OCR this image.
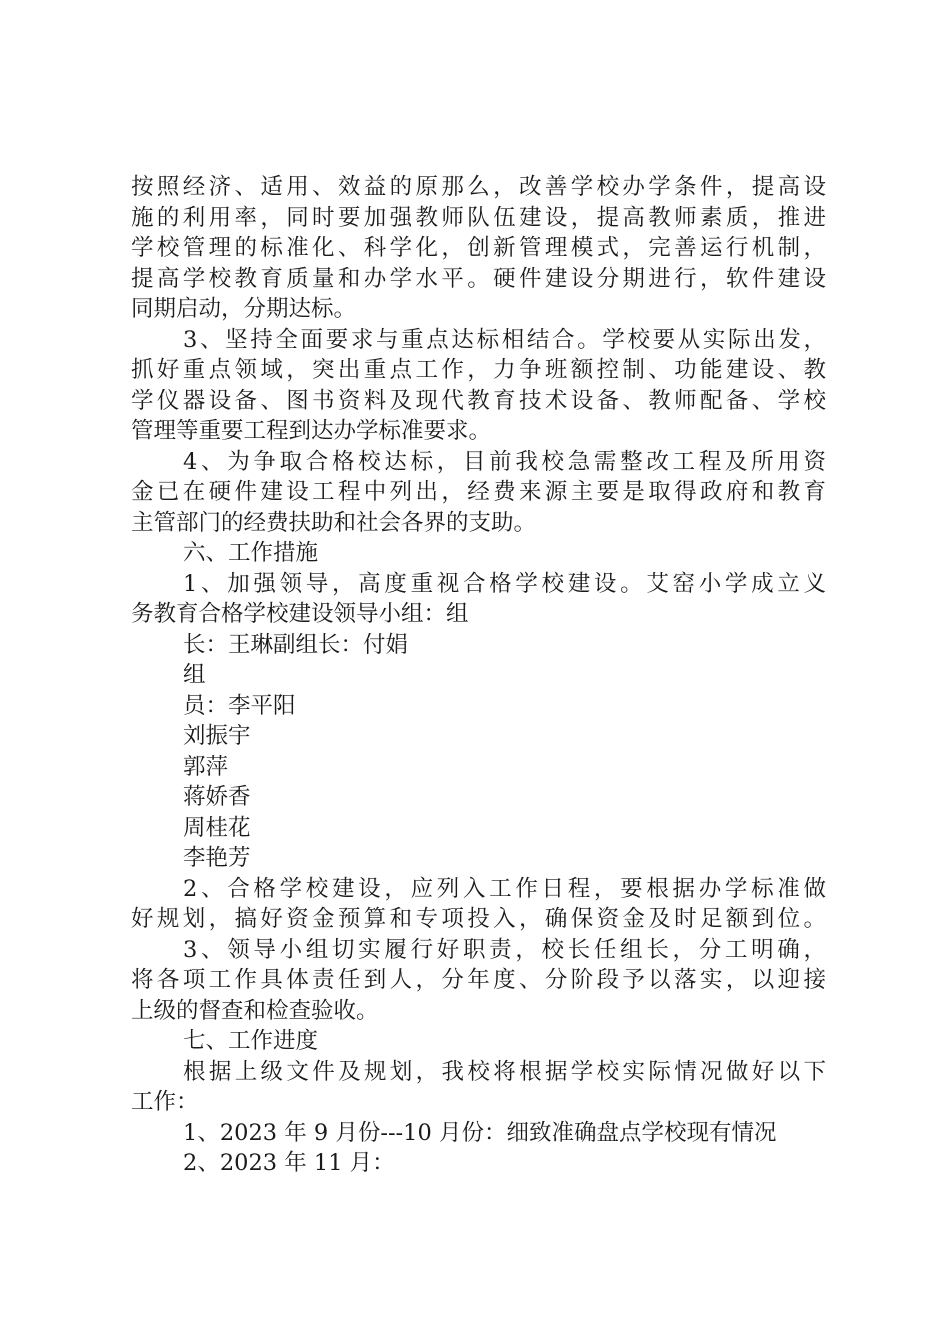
按照经济、适用、效益的原那么，改善学校办学条件，提高设
施的利用率，同时要加强教师队伍建设，提高教师素质，推进
学校管理的标准化、科学化，创新管理模式，完善运行机制，
提高学校教育质量和办学水平。硬件建设分期进行，软件建设
同期启动，分期达标。
3、坚持全面要求与重点达标相结合。学校要从实际出发，
抓好重点领域，突出重点工作，力争班额控制、功能建设、教
学仪器设备、图书资料及现代教育技术设备、教师配备、学校
管理等重要工程到达办学标准要求。
4、为争取合格校达标，目前我校急需整改工程及所用资
金已在硬件建设工程中列出，经费来源主要是取得政府和教育
主管部门的经费扶助和社会各界的支助。
六、工作措施
1、加强领导，高度重视合格学校建设。艾窑小学成立义
务教育合格学校建设领导小组：组
长：王琳副组长：付娟
组
员：李平阳
刘振宇
郭萍
蒋娇香
周桂花
李艳芳
2、合格学校建设，应列入工作日程，要根据办学标准做
好规划，搞好资金预算和专项投入，确保资金及时足额到位。
3、领导小组切实履行好职责，校长任组长，分工明确，
将各项工作具体责任到人，分年度、分阶段予以落实，以迎接
上级的督查和检查验收。
七、工作进度
根据上级文件及规划，我校将根据学校实际情况做好以下
工作：
1、2023 年 9 月份---10 月份：细致准确盘点学校现有情况
2、2023 年 11 月：
